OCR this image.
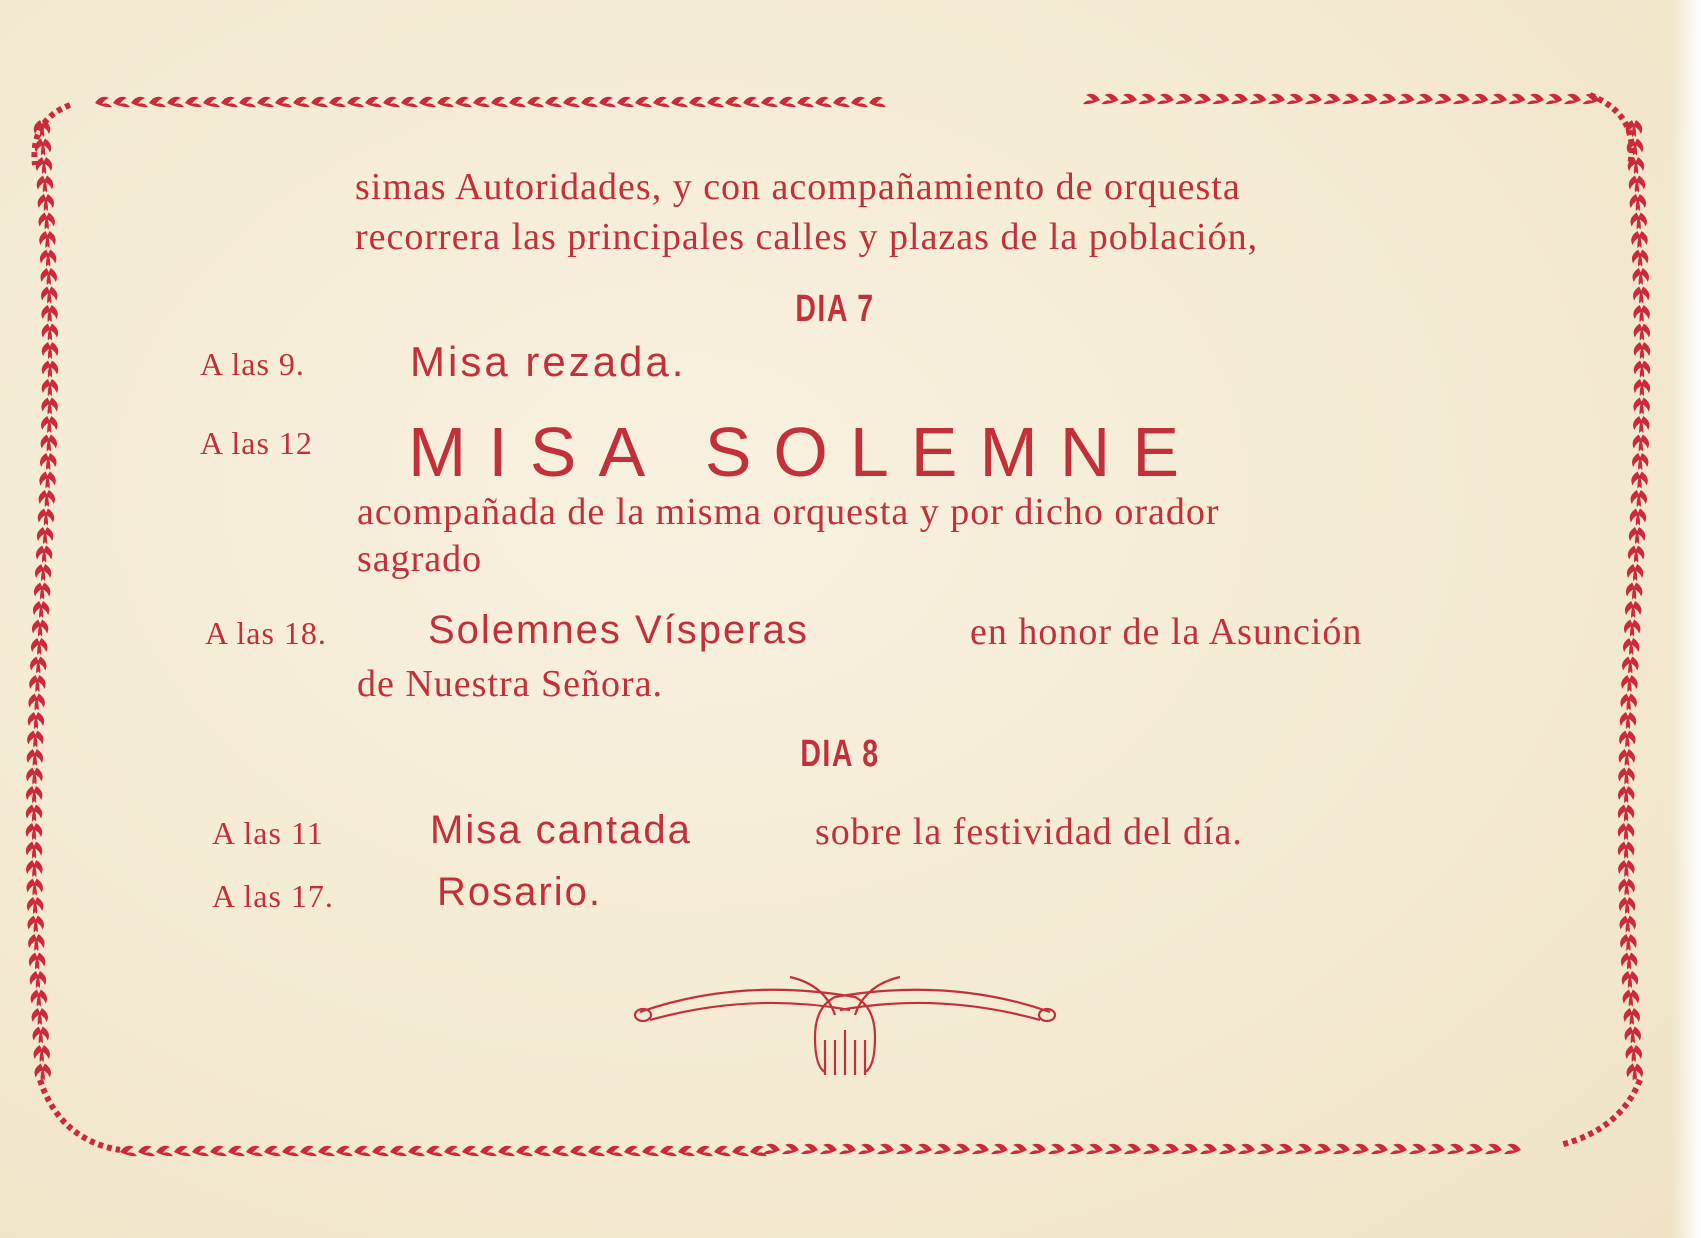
simas Autoridades, y con acompañamiento de orquesta
recorrera las principales calles y plazas de la población,
DIA 7
A las 9.	Misa rezada.
A las 12 MISA SOLEMNE
acompañada de la misma orquesta y por dicho orador
sagrado
A las 18.	Solemnes Vísperas	en honor de la Asunción
de Nuestra Señora.
DIA 8
A las 11	Misa cantada	sobre la festividad del día.
A las 17.	Rosario.
